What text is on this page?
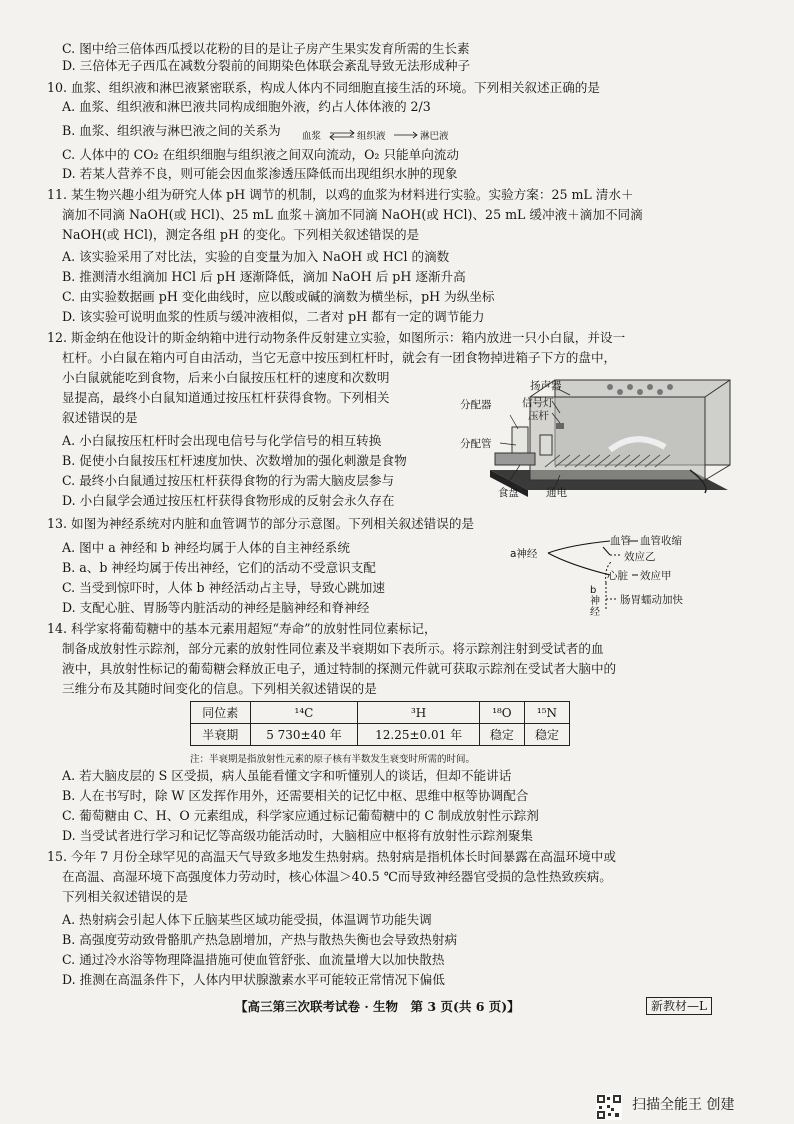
C. 图中给三倍体西瓜授以花粉的目的是让子房产生果实发育所需的生长素
D. 三倍体无子西瓜在减数分裂前的间期染色体联会紊乱导致无法形成种子
10. 血浆、组织液和淋巴液紧密联系，构成人体内不同细胞直接生活的环境。下列相关叙述正确的是
A. 血浆、组织液和淋巴液共同构成细胞外液，约占人体体液的 2/3
B. 血浆、组织液与淋巴液之间的关系为 血浆	组织液	淋巴液
C. 人体中的 CO₂ 在组织细胞与组织液之间双向流动，O₂ 只能单向流动
D. 若某人营养不良，则可能会因血浆渗透压降低而出现组织水肿的现象
11. 某生物兴趣小组为研究人体 pH 调节的机制，以鸡的血浆为材料进行实验。实验方案：25 mL 清水＋
滴加不同滴 NaOH(或 HCl)、25 mL 血浆＋滴加不同滴 NaOH(或 HCl)、25 mL 缓冲液＋滴加不同滴
NaOH(或 HCl)，测定各组 pH 的变化。下列相关叙述错误的是
A. 该实验采用了对比法，实验的自变量为加入 NaOH 或 HCl 的滴数
B. 推测清水组滴加 HCl 后 pH 逐渐降低，滴加 NaOH 后 pH 逐渐升高
C. 由实验数据画 pH 变化曲线时，应以酸或碱的滴数为横坐标，pH 为纵坐标
D. 该实验可说明血浆的性质与缓冲液相似，二者对 pH 都有一定的调节能力
12. 斯金纳在他设计的斯金纳箱中进行动物条件反射建立实验，如图所示：箱内放进一只小白鼠，并设一
杠杆。小白鼠在箱内可自由活动，当它无意中按压到杠杆时，就会有一团食物掉进箱子下方的盘中，
小白鼠就能吃到食物，后来小白鼠按压杠杆的速度和次数明
显提高，最终小白鼠知道通过按压杠杆获得食物。下列相关
叙述错误的是
A. 小白鼠按压杠杆时会出现电信号与化学信号的相互转换
B. 促使小白鼠按压杠杆速度加快、次数增加的强化刺激是食物
C. 最终小白鼠通过按压杠杆获得食物的行为需大脑皮层参与
D. 小白鼠学会通过按压杠杆获得食物形成的反射会永久存在
扬声器
分配器	信号灯
压杆
分配管
食盘	通电
13. 如图为神经系统对内脏和血管调节的部分示意图。下列相关叙述错误的是
A. 图中 a 神经和 b 神经均属于人体的自主神经系统
B. a、b 神经均属于传出神经，它们的活动不受意识支配
C. 当受到惊吓时，人体 b 神经活动占主导，导致心跳加速
D. 支配心脏、胃肠等内脏活动的神经是脑神经和脊神经
a神经
血管 血管收缩
效应乙
心脏 效应甲
b神经
肠胃蠕动加快
14. 科学家将葡萄糖中的基本元素用超短“寿命”的放射性同位素标记，
制备成放射性示踪剂，部分元素的放射性同位素及半衰期如下表所示。将示踪剂注射到受试者的血
液中，具放射性标记的葡萄糖会释放正电子，通过特制的探测元件就可获取示踪剂在受试者大脑中的
三维分布及其随时间变化的信息。下列相关叙述错误的是
同位素	¹⁴C	³H	¹⁸O	¹⁵N
半衰期	5 730±40 年	12.25±0.01 年	稳定	稳定
注：半衰期是指放射性元素的原子核有半数发生衰变时所需的时间。
A. 若大脑皮层的 S 区受损，病人虽能看懂文字和听懂别人的谈话，但却不能讲话
B. 人在书写时，除 W 区发挥作用外，还需要相关的记忆中枢、思维中枢等协调配合
C. 葡萄糖由 C、H、O 元素组成，科学家应通过标记葡萄糖中的 C 制成放射性示踪剂
D. 当受试者进行学习和记忆等高级功能活动时，大脑相应中枢将有放射性示踪剂聚集
15. 今年 7 月份全球罕见的高温天气导致多地发生热射病。热射病是指机体长时间暴露在高温环境中或
在高温、高湿环境下高强度体力劳动时，核心体温＞40.5 ℃而导致神经器官受损的急性热致疾病。
下列相关叙述错误的是
A. 热射病会引起人体下丘脑某些区域功能受损，体温调节功能失调
B. 高强度劳动致骨骼肌产热急剧增加，产热与散热失衡也会导致热射病
C. 通过冷水浴等物理降温措施可使血管舒张、血流量增大以加快散热
D. 推测在高温条件下，人体内甲状腺激素水平可能较正常情况下偏低
【高三第三次联考试卷 · 生物　第 3 页(共 6 页)】	新教材—L
扫描全能王 创建
